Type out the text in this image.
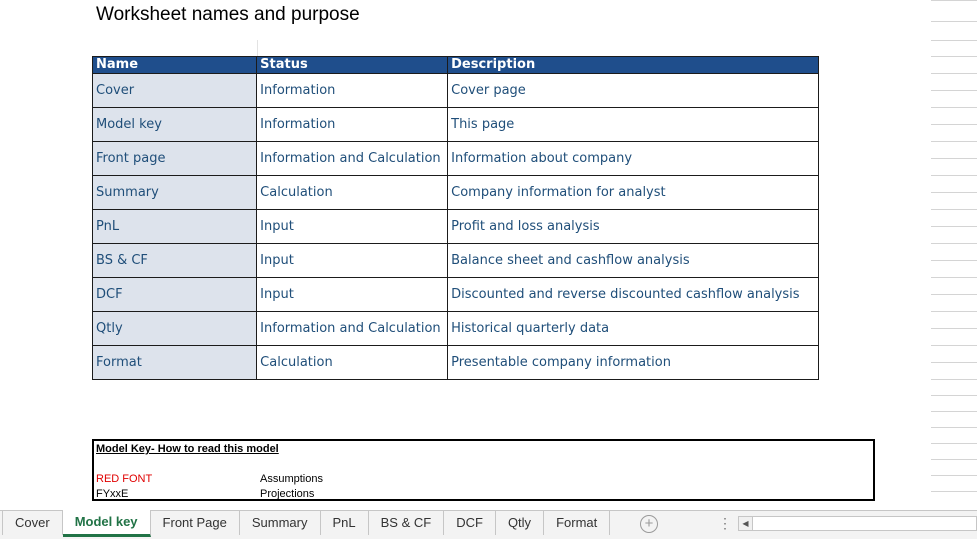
Worksheet names and purpose
Name	Status	Description
Cover	Information	Cover page
Model key	Information	This page
Front page	Information and Calculation	Information about company
Summary	Calculation	Company information for analyst
PnL	Input	Profit and loss analysis
BS & CF	Input	Balance sheet and cashflow analysis
DCF	Input	Discounted and reverse discounted cashflow analysis
Qtly	Information and Calculation	Historical quarterly data
Format	Calculation	Presentable company information
Model Key- How to read this model
RED FONT	Assumptions
FYxxE	Projections
Cover	Model key	Front Page	Summary	PnL	BS & CF	DCF	Qtly	Format	+	⋮	◀
